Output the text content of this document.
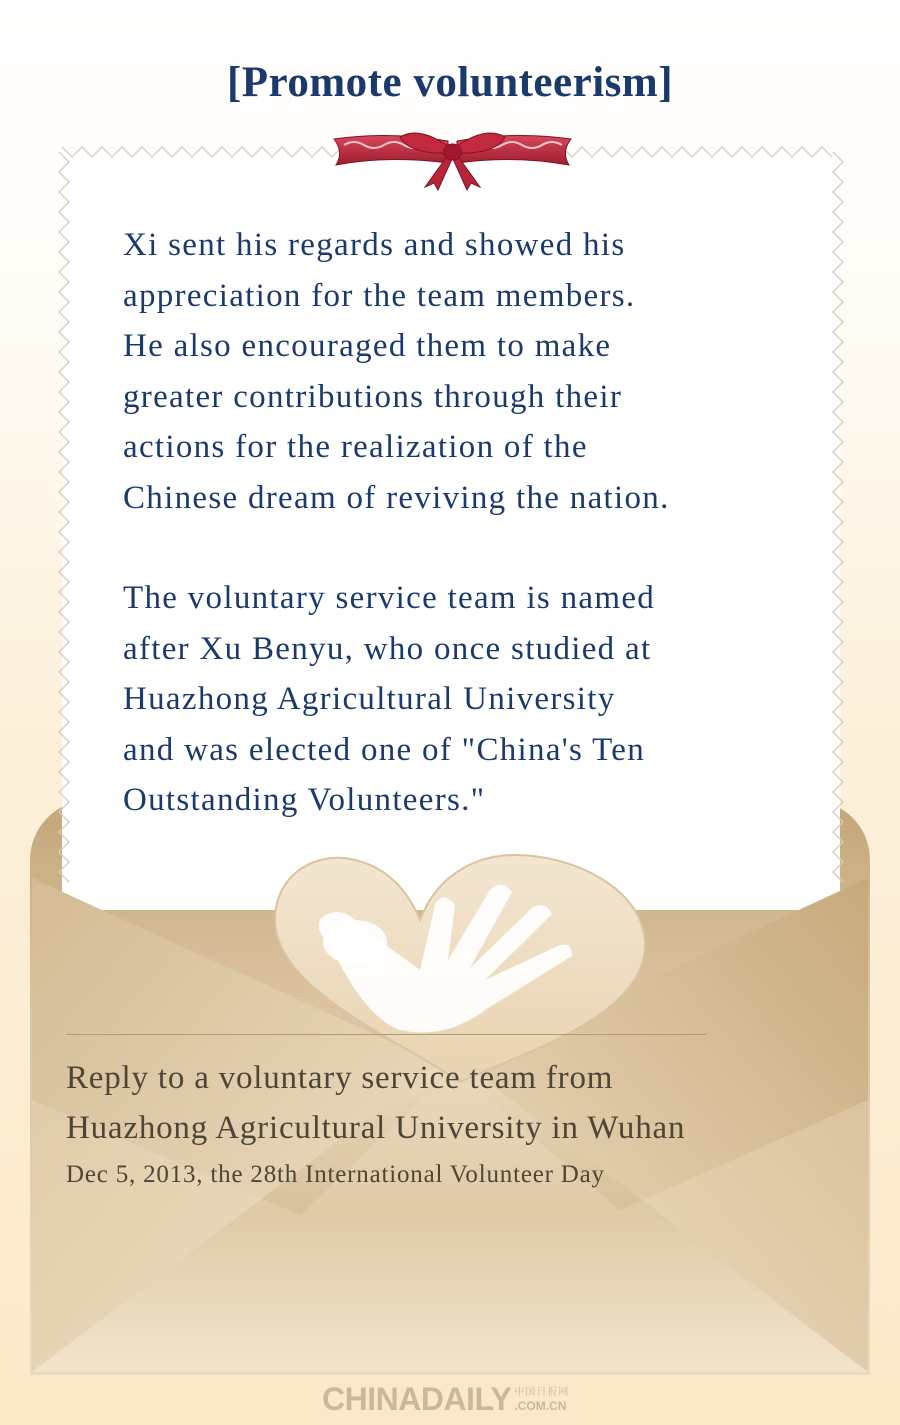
[Promote volunteerism]

Xi sent his regards and showed his
appreciation for the team members.
He also encouraged them to make
greater contributions through their
actions for the realization of the
Chinese dream of reviving the nation.

The voluntary service team is named
after Xu Benyu, who once studied at
Huazhong Agricultural University
and was elected one of "China's Ten
Outstanding Volunteers."

Reply to a voluntary service team from
Huazhong Agricultural University in Wuhan
Dec 5, 2013, the 28th International Volunteer Day
CHINADAILY 中国日报网
.COM.CN
